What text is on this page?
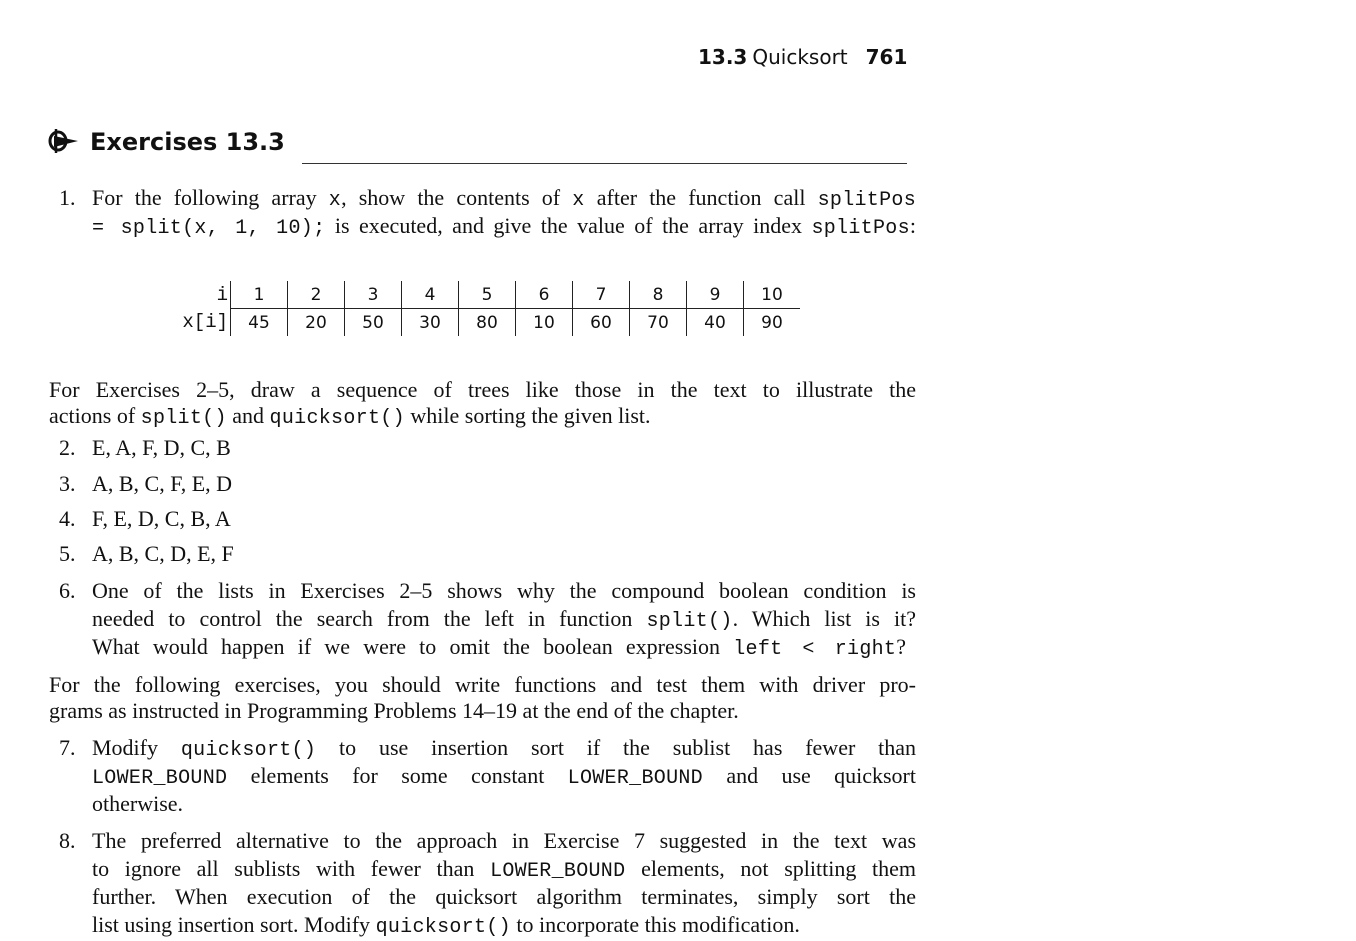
13.3 Quicksort 761
Exercises 13.3
1. For the following array x, show the contents of x after the function call splitPos
= split(x, 1, 10); is executed, and give the value of the array index splitPos:
i	1	2	3	4	5	6	7	8	9	10
x[i]	45	20	50	30	80	10	60	70	40	90
For Exercises 2–5, draw a sequence of trees like those in the text to illustrate the
actions of split() and quicksort() while sorting the given list.
2. E, A, F, D, C, B
3. A, B, C, F, E, D
4. F, E, D, C, B, A
5. A, B, C, D, E, F
6. One of the lists in Exercises 2–5 shows why the compound boolean condition is
needed to control the search from the left in function split(). Which list is it?
What would happen if we were to omit the boolean expression left < right?
For the following exercises, you should write functions and test them with driver pro-
grams as instructed in Programming Problems 14–19 at the end of the chapter.
7. Modify quicksort() to use insertion sort if the sublist has fewer than
LOWER_BOUND elements for some constant LOWER_BOUND and use quicksort
otherwise.
8. The preferred alternative to the approach in Exercise 7 suggested in the text was
to ignore all sublists with fewer than LOWER_BOUND elements, not splitting them
further. When execution of the quicksort algorithm terminates, simply sort the
list using insertion sort. Modify quicksort() to incorporate this modification.
